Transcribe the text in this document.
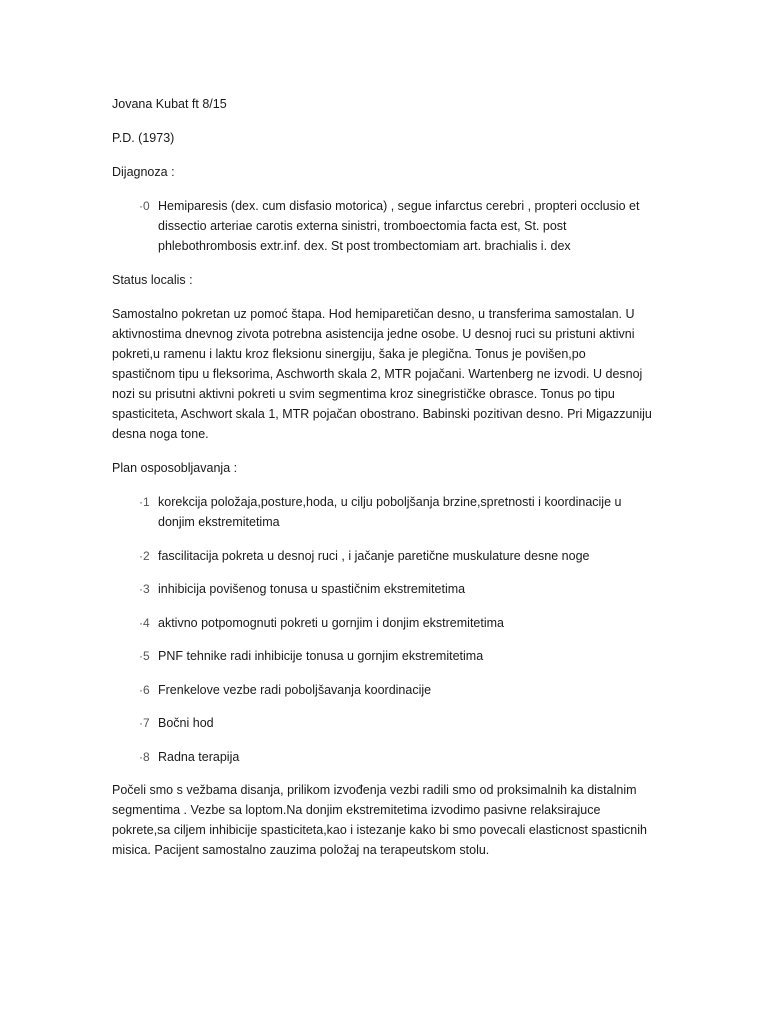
Jovana Kubat ft 8/15
P.D. (1973)
Dijagnoza :
·0 Hemiparesis (dex. cum disfasio motorica) , segue infarctus cerebri , propteri occlusio et
dissectio arteriae carotis externa sinistri, tromboectomia facta est, St. post
phlebothrombosis extr.inf. dex. St post trombectomiam art. brachialis i. dex
Status localis :
Samostalno pokretan uz pomoć štapa. Hod hemiparetičan desno, u transferima samostalan. U
aktivnostima dnevnog zivota potrebna asistencija jedne osobe. U desnoj ruci su pristuni aktivni
pokreti,u ramenu i laktu kroz fleksionu sinergiju, šaka je plegična. Tonus je povišen,po
spastičnom tipu u fleksorima, Aschworth skala 2, MTR pojačani. Wartenberg ne izvodi. U desnoj
nozi su prisutni aktivni pokreti u svim segmentima kroz sinegrističke obrasce. Tonus po tipu
spasticiteta, Aschwort skala 1, MTR pojačan obostrano. Babinski pozitivan desno. Pri Migazzuniju
desna noga tone.
Plan osposobljavanja :
·1 korekcija položaja,posture,hoda, u cilju poboljšanja brzine,spretnosti i koordinacije u
donjim ekstremitetima
·2 fascilitacija pokreta u desnoj ruci , i jačanje paretične muskulature desne noge
·3 inhibicija povišenog tonusa u spastičnim ekstremitetima
·4 aktivno potpomognuti pokreti u gornjim i donjim ekstremitetima
·5 PNF tehnike radi inhibicije tonusa u gornjim ekstremitetima
·6 Frenkelove vezbe radi poboljšavanja koordinacije
·7 Bočni hod
·8 Radna terapija
Počeli smo s vežbama disanja, prilikom izvođenja vezbi radili smo od proksimalnih ka distalnim
segmentima . Vezbe sa loptom.Na donjim ekstremitetima izvodimo pasivne relaksirajuce
pokrete,sa ciljem inhibicije spasticiteta,kao i istezanje kako bi smo povecali elasticnost spasticnih
misica. Pacijent samostalno zauzima položaj na terapeutskom stolu.
